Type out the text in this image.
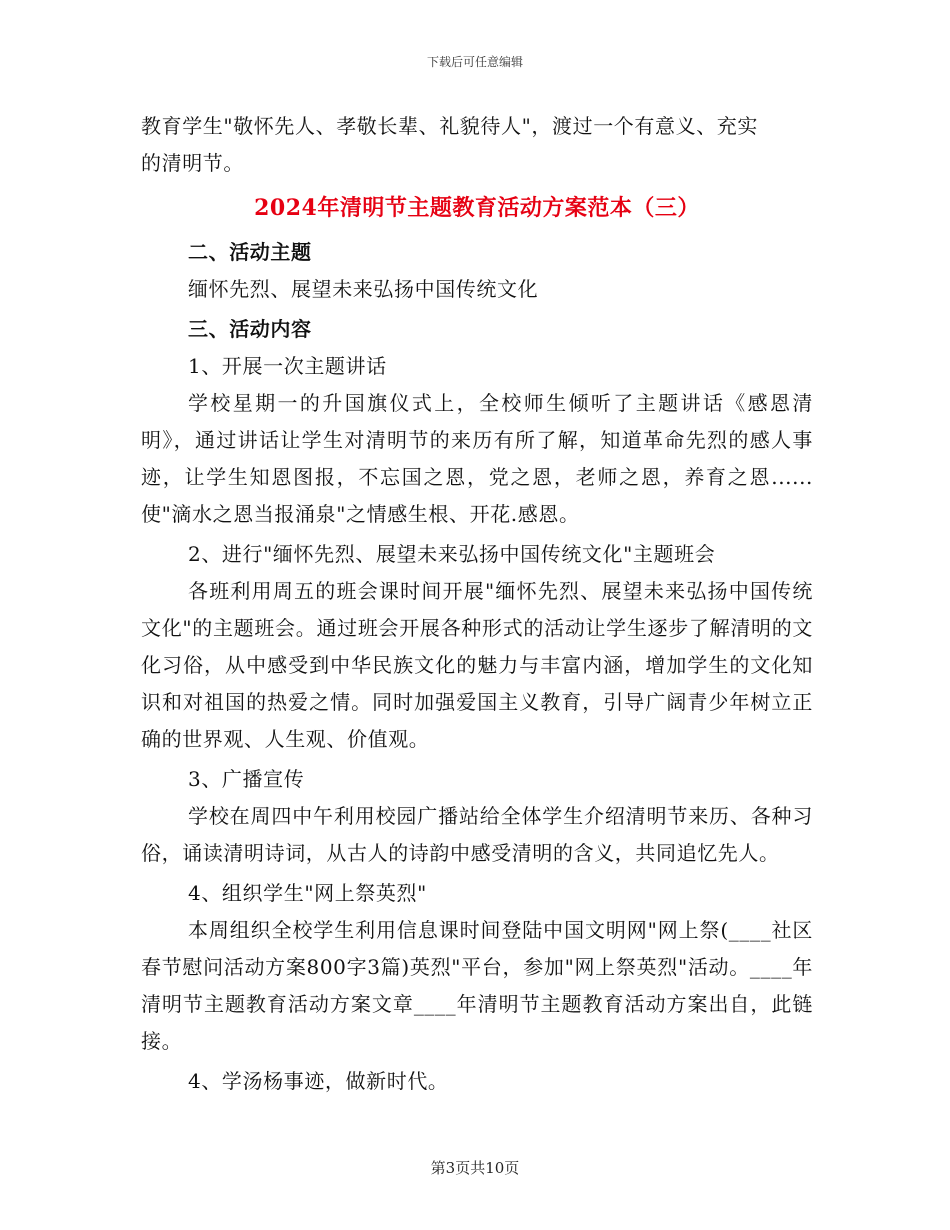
下载后可任意编辑

教育学生"敬怀先人、孝敬长辈、礼貌待人"，渡过一个有意义、充实

的清明节。

2024年清明节主题教育活动方案范本（三）

二、活动主题

缅怀先烈、展望未来弘扬中国传统文化

三、活动内容

1、开展一次主题讲话

学校星期一的升国旗仪式上，全校师生倾听了主题讲话《感恩清明》，通过讲话让学生对清明节的来历有所了解，知道革命先烈的感人事迹，让学生知恩图报，不忘国之恩，党之恩，老师之恩，养育之恩......使"滴水之恩当报涌泉"之情感生根、开花.感恩。

2、进行"缅怀先烈、展望未来弘扬中国传统文化"主题班会

各班利用周五的班会课时间开展"缅怀先烈、展望未来弘扬中国传统文化"的主题班会。通过班会开展各种形式的活动让学生逐步了解清明的文化习俗，从中感受到中华民族文化的魅力与丰富内涵，增加学生的文化知识和对祖国的热爱之情。同时加强爱国主义教育，引导广阔青少年树立正确的世界观、人生观、价值观。

3、广播宣传

学校在周四中午利用校园广播站给全体学生介绍清明节来历、各种习俗，诵读清明诗词，从古人的诗韵中感受清明的含义，共同追忆先人。

4、组织学生"网上祭英烈"

本周组织全校学生利用信息课时间登陆中国文明网"网上祭(____社区春节慰问活动方案800字3篇)英烈"平台，参加"网上祭英烈"活动。____年清明节主题教育活动方案文章____年清明节主题教育活动方案出自，此链接。

4、学汤杨事迹，做新时代。

第3页共10页
